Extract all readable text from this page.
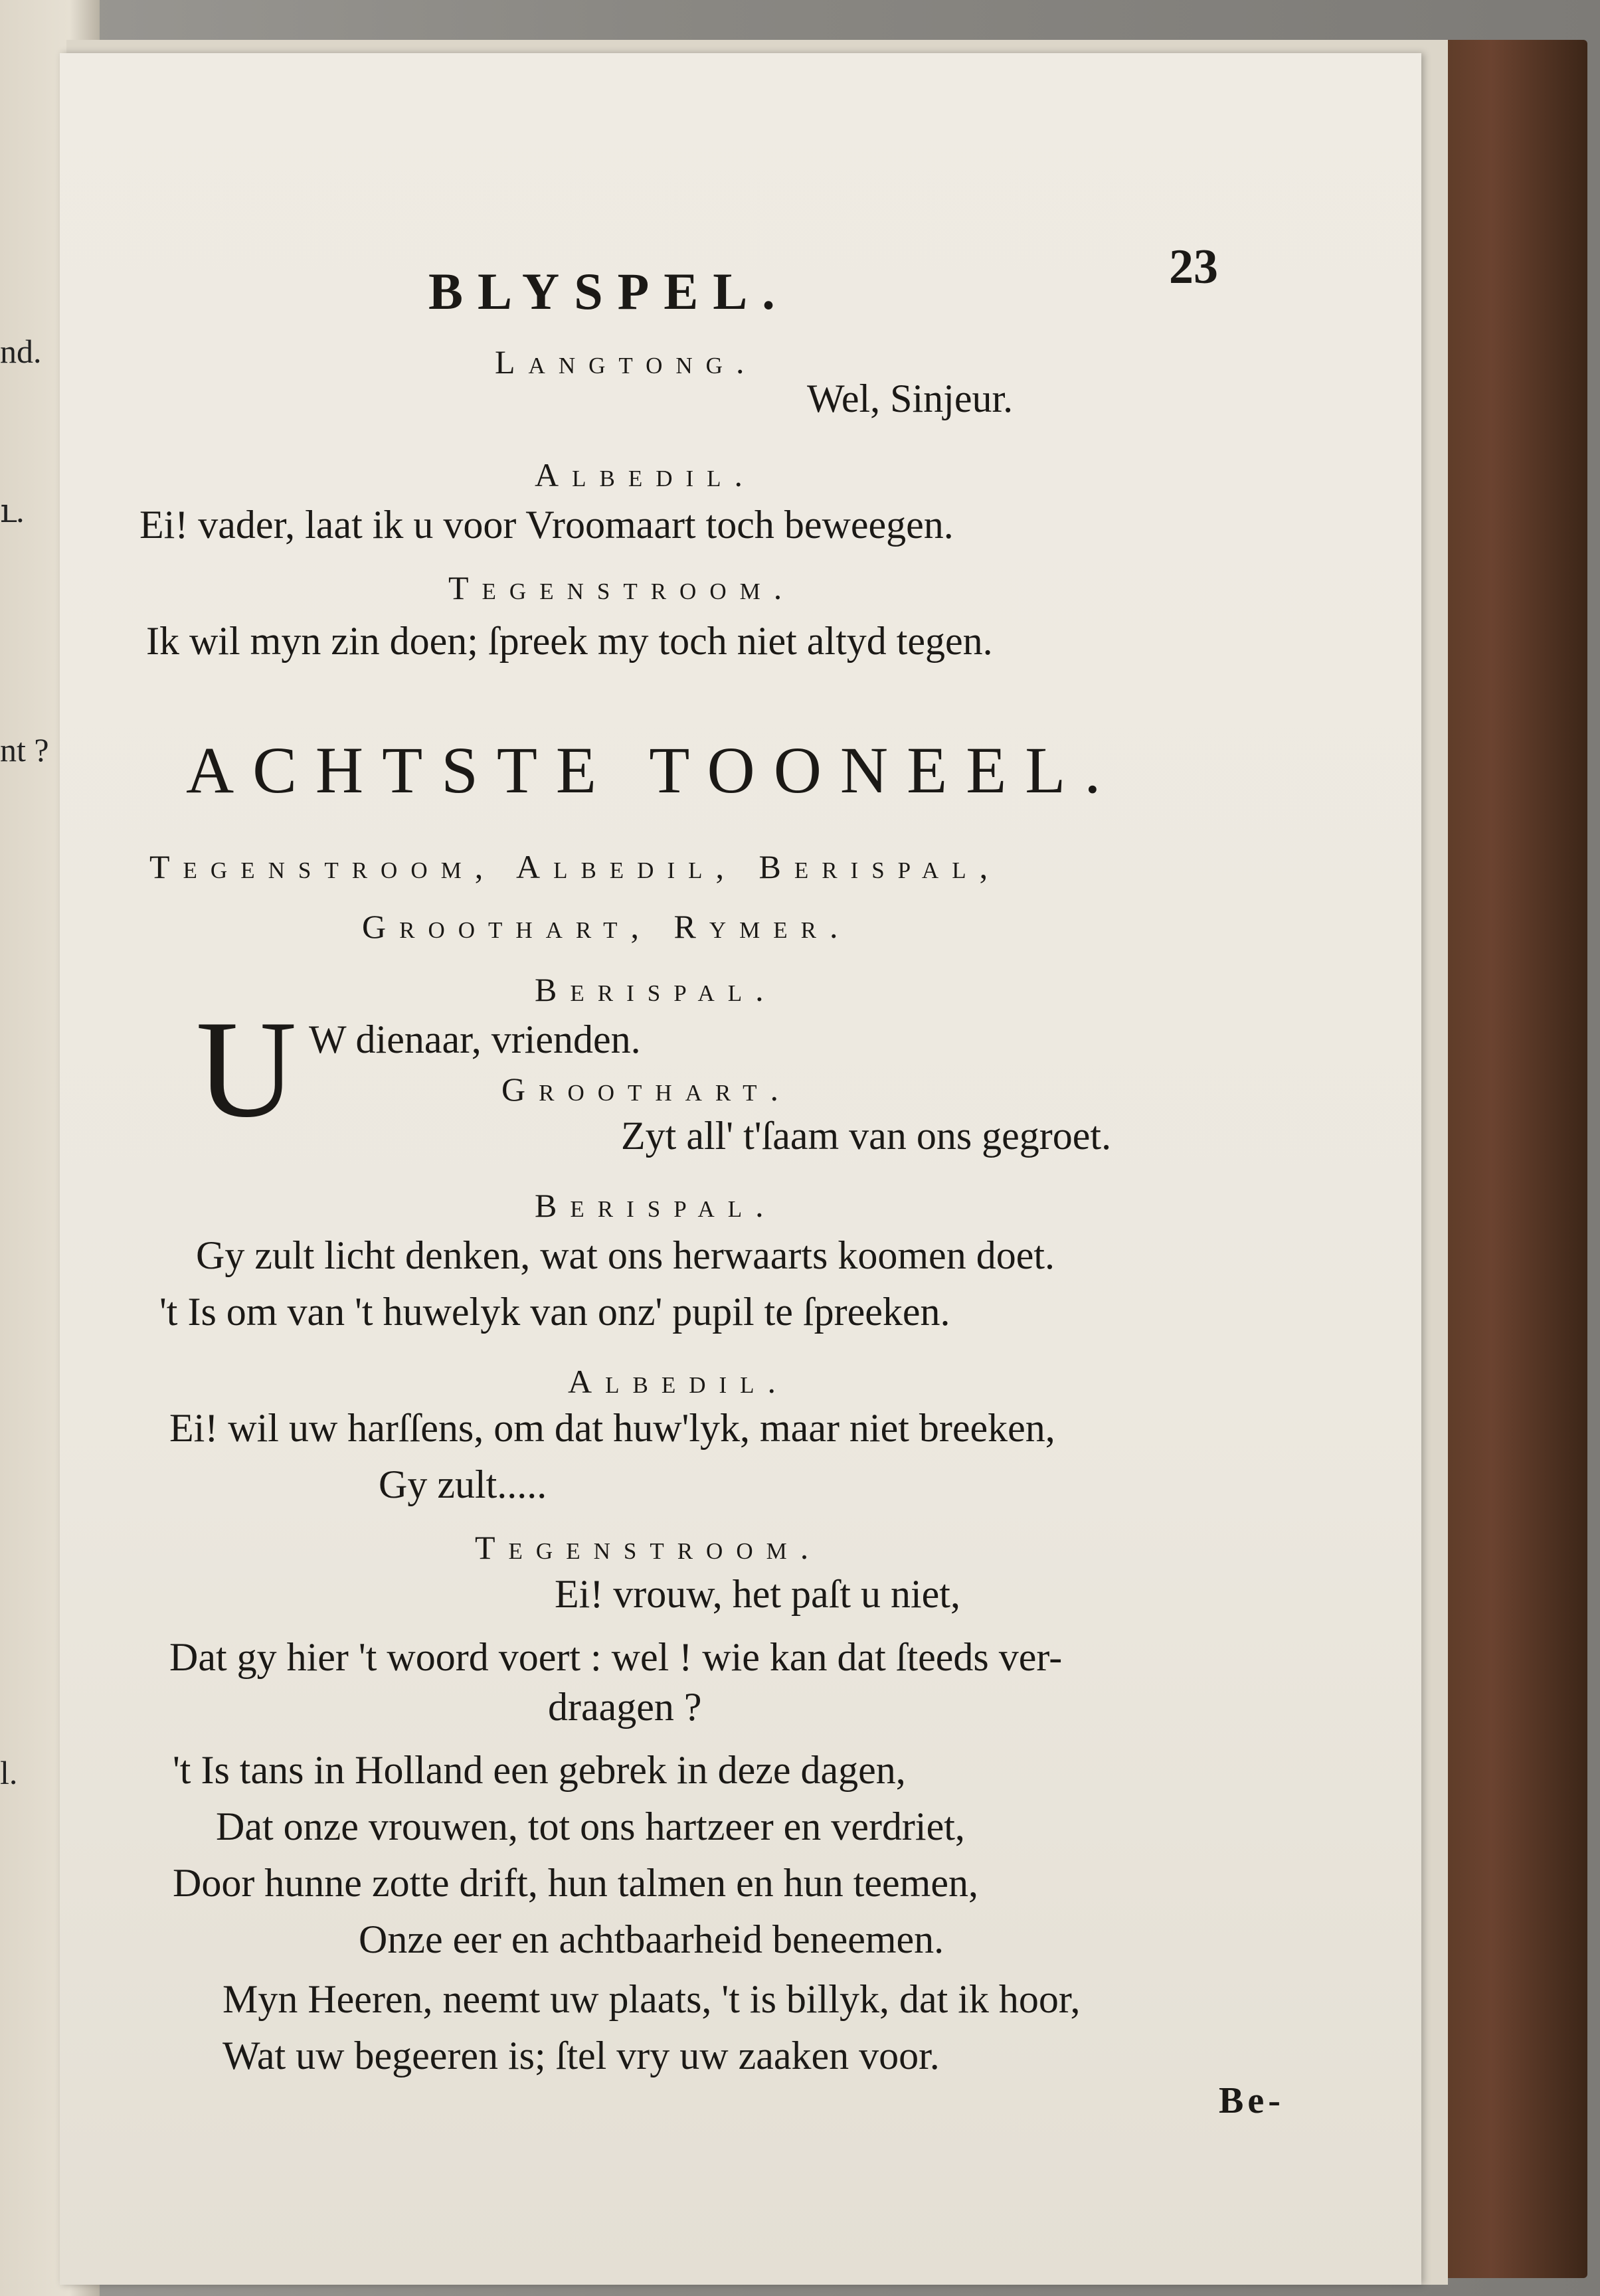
nd.
ւ.
nt ?
l.
BLYSPEL.	23
Langtong.
Wel, Sinjeur.
Albedil.
Ei! vader, laat ik u voor Vroomaart toch beweegen.
Tegenstroom.
Ik wil myn zin doen; ſpreek my toch niet altyd tegen.
ACHTSTE TOONEEL.
Tegenstroom, Albedil, Berispal,
Groothart, Rymer.
Berispal.
U W dienaar, vrienden.
Groothart.
Zyt all' t'ſaam van ons gegroet.
Berispal.
Gy zult licht denken, wat ons herwaarts koomen doet.
't Is om van 't huwelyk van onz' pupil te ſpreeken.
Albedil.
Ei! wil uw harſſens, om dat huw'lyk, maar niet breeken,
Gy zult.....
Tegenstroom.
Ei! vrouw, het paſt u niet,
Dat gy hier 't woord voert : wel ! wie kan dat ſteeds ver-
draagen ?
't Is tans in Holland een gebrek in deze dagen,
Dat onze vrouwen, tot ons hartzeer en verdriet,
Door hunne zotte drift, hun talmen en hun teemen,
Onze eer en achtbaarheid beneemen.
Myn Heeren, neemt uw plaats, 't is billyk, dat ik hoor,
Wat uw begeeren is; ſtel vry uw zaaken voor.
Be-
